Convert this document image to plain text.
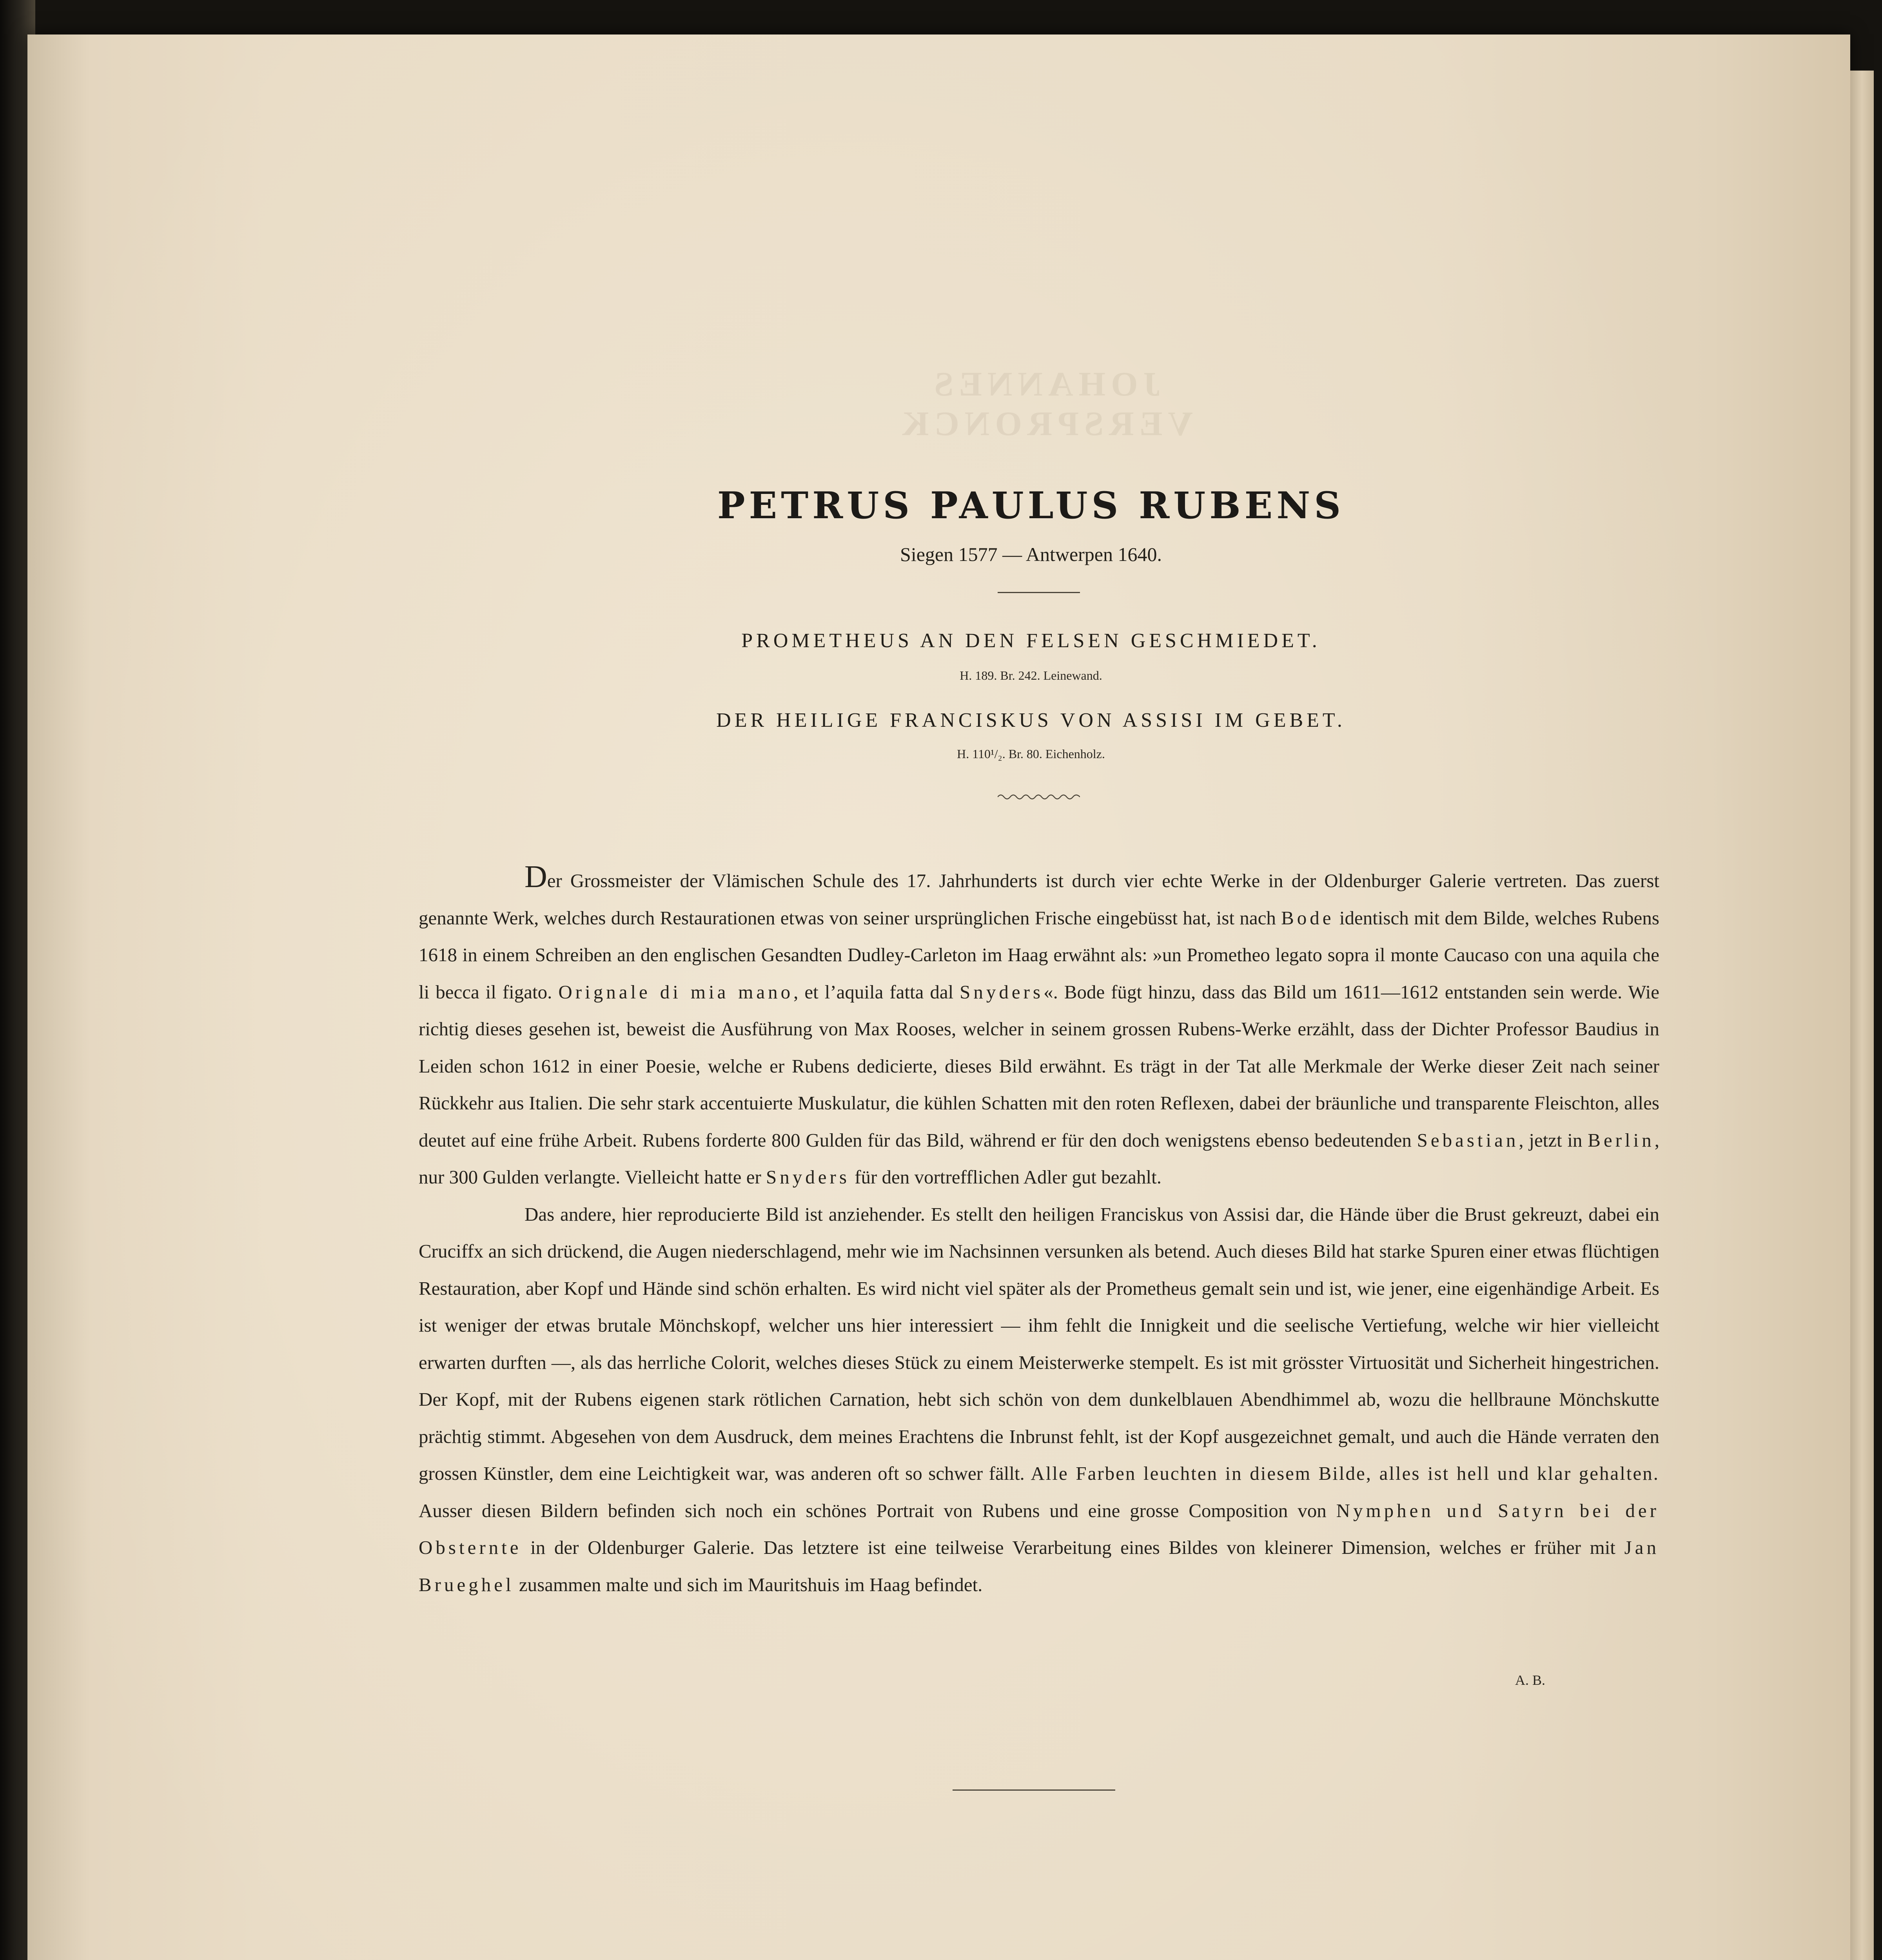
JOHANNES VERSPRONCK
PETRUS PAULUS RUBENS
Siegen 1577 — Antwerpen 1640.
PROMETHEUS AN DEN FELSEN GESCHMIEDET.
H. 189. Br. 242. Leinewand.
DER HEILIGE FRANCISKUS VON ASSISI IM GEBET.
H. 110¹/₂. Br. 80. Eichenholz.

Der Grossmeister der Vlämischen Schule des 17. Jahrhunderts ist durch vier echte Werke in der Oldenburger Galerie vertreten. Das zuerst genannte Werk, welches durch Restaurationen etwas von seiner ursprünglichen Frische eingebüsst hat, ist nach Bode identisch mit dem Bilde, welches Rubens 1618 in einem Schreiben an den englischen Gesandten Dudley-Carleton im Haag erwähnt als: »un Prometheo legato sopra il monte Caucaso con una aquila che li becca il figato. Orignale di mia mano, et l’aquila fatta dal Snyders«. Bode fügt hinzu, dass das Bild um 1611—1612 entstanden sein werde. Wie richtig dieses gesehen ist, beweist die Ausführung von Max Rooses, welcher in seinem grossen Rubens-Werke erzählt, dass der Dichter Professor Baudius in Leiden schon 1612 in einer Poesie, welche er Rubens dedicierte, dieses Bild erwähnt. Es trägt in der Tat alle Merkmale der Werke dieser Zeit nach seiner Rückkehr aus Italien. Die sehr stark accentuierte Muskulatur, die kühlen Schatten mit den roten Reflexen, dabei der bräunliche und transparente Fleischton, alles deutet auf eine frühe Arbeit. Rubens forderte 800 Gulden für das Bild, während er für den doch wenigstens ebenso bedeutenden Sebastian, jetzt in Berlin, nur 300 Gulden verlangte. Vielleicht hatte er Snyders für den vortrefflichen Adler gut bezahlt.

Das andere, hier reproducierte Bild ist anziehender. Es stellt den heiligen Franciskus von Assisi dar, die Hände über die Brust gekreuzt, dabei ein Cruciffx an sich drückend, die Augen niederschlagend, mehr wie im Nachsinnen versunken als betend. Auch dieses Bild hat starke Spuren einer etwas flüchtigen Restauration, aber Kopf und Hände sind schön erhalten. Es wird nicht viel später als der Prometheus gemalt sein und ist, wie jener, eine eigenhändige Arbeit. Es ist weniger der etwas brutale Mönchskopf, welcher uns hier interessiert — ihm fehlt die Innigkeit und die seelische Vertiefung, welche wir hier vielleicht erwarten durften —, als das herrliche Colorit, welches dieses Stück zu einem Meisterwerke stempelt. Es ist mit grösster Virtuosität und Sicherheit hingestrichen. Der Kopf, mit der Rubens eigenen stark rötlichen Carnation, hebt sich schön von dem dunkelblauen Abendhimmel ab, wozu die hellbraune Mönchskutte prächtig stimmt. Abgesehen von dem Ausdruck, dem meines Erachtens die Inbrunst fehlt, ist der Kopf ausgezeichnet gemalt, und auch die Hände verraten den grossen Künstler, dem eine Leichtigkeit war, was anderen oft so schwer fällt. Alle Farben leuchten in diesem Bilde, alles ist hell und klar gehalten. Ausser diesen Bildern befinden sich noch ein schönes Portrait von Rubens und eine grosse Composition von Nymphen und Satyrn bei der Obsternte in der Oldenburger Galerie. Das letztere ist eine teilweise Verarbeitung eines Bildes von kleinerer Dimension, welches er früher mit Jan Brueghel zusammen malte und sich im Mauritshuis im Haag befindet.

A. B.
